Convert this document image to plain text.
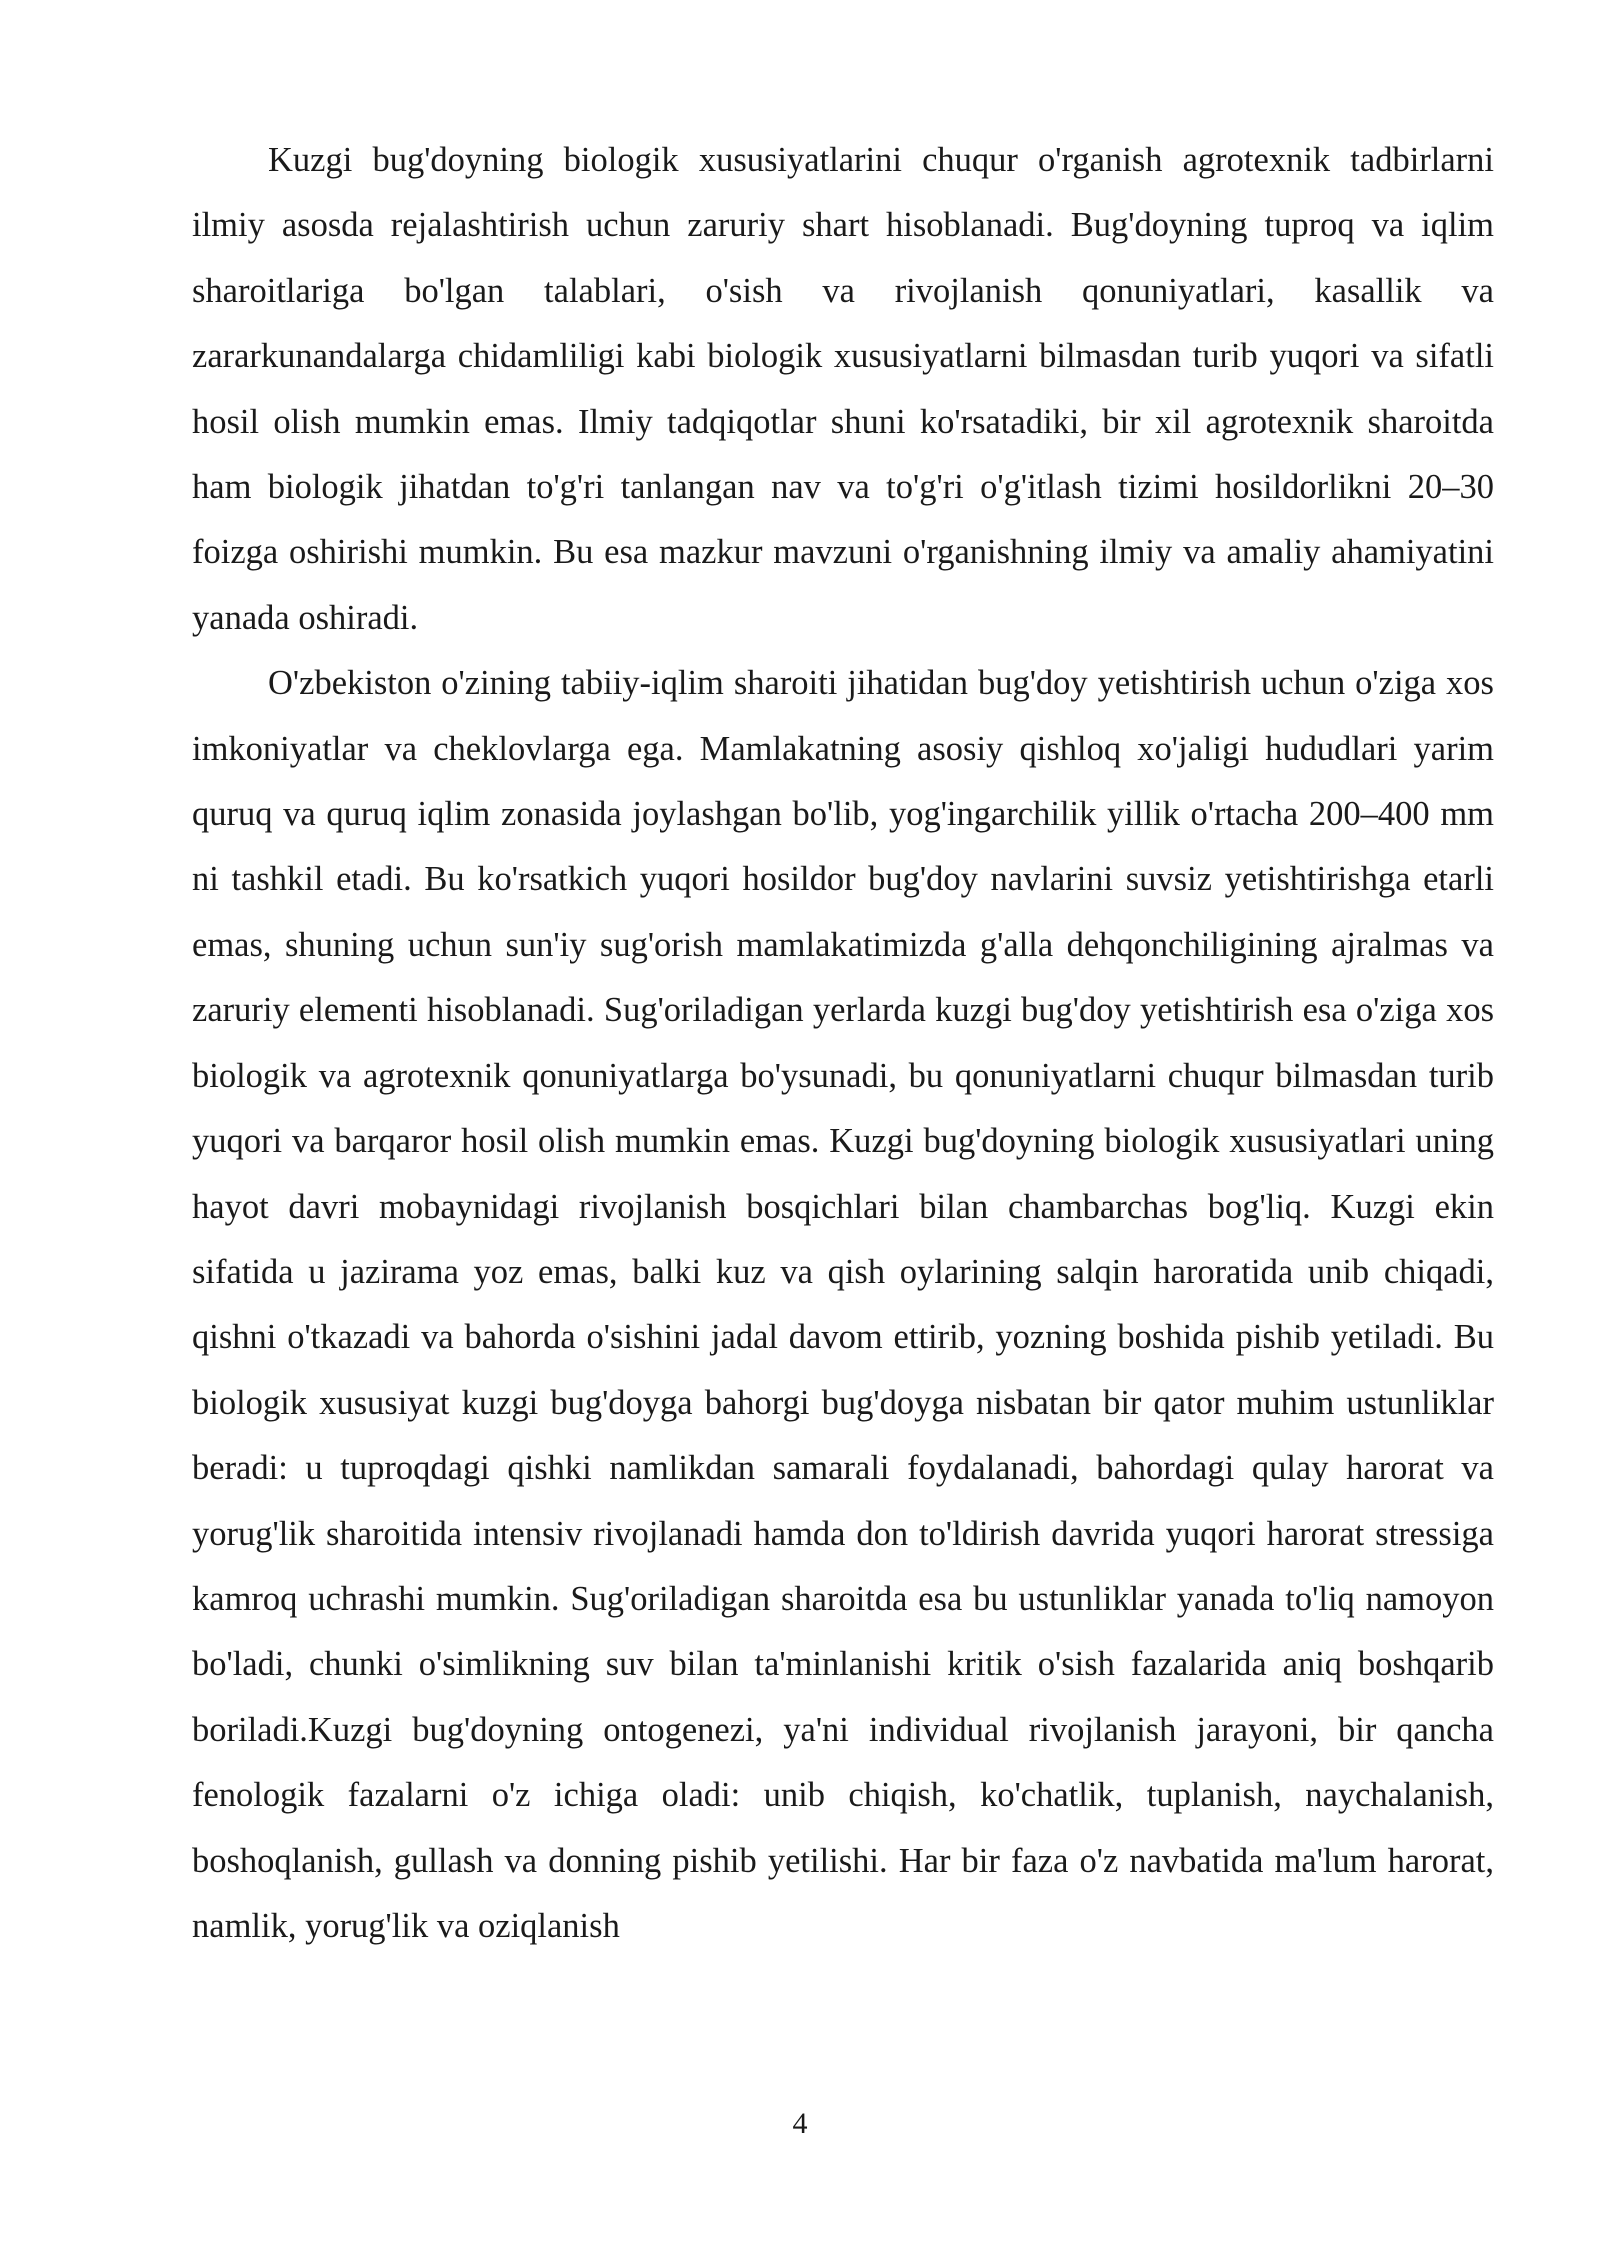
Kuzgi bug'doyning biologik xususiyatlarini chuqur o'rganish agrotexnik tadbirlarni ilmiy asosda rejalashtirish uchun zaruriy shart hisoblanadi. Bug'doyning tuproq va iqlim sharoitlariga bo'lgan talablari, o'sish va rivojlanish qonuniyatlari, kasallik va zararkunandalarga chidamliligi kabi biologik xususiyatlarni bilmasdan turib yuqori va sifatli hosil olish mumkin emas. Ilmiy tadqiqotlar shuni ko'rsatadiki, bir xil agrotexnik sharoitda ham biologik jihatdan to'g'ri tanlangan nav va to'g'ri o'g'itlash tizimi hosildorlikni 20–30 foizga oshirishi mumkin. Bu esa mazkur mavzuni o'rganishning ilmiy va amaliy ahamiyatini yanada oshiradi.

O'zbekiston o'zining tabiiy-iqlim sharoiti jihatidan bug'doy yetishtirish uchun o'ziga xos imkoniyatlar va cheklovlarga ega. Mamlakatning asosiy qishloq xo'jaligi hududlari yarim quruq va quruq iqlim zonasida joylashgan bo'lib, yog'ingarchilik yillik o'rtacha 200–400 mm ni tashkil etadi. Bu ko'rsatkich yuqori hosildor bug'doy navlarini suvsiz yetishtirishga etarli emas, shuning uchun sun'iy sug'orish mamlakatimizda g'alla dehqonchiligining ajralmas va zaruriy elementi hisoblanadi. Sug'oriladigan yerlarda kuzgi bug'doy yetishtirish esa o'ziga xos biologik va agrotexnik qonuniyatlarga bo'ysunadi, bu qonuniyatlarni chuqur bilmasdan turib yuqori va barqaror hosil olish mumkin emas. Kuzgi bug'doyning biologik xususiyatlari uning hayot davri mobaynidagi rivojlanish bosqichlari bilan chambarchas bog'liq. Kuzgi ekin sifatida u jazirama yoz emas, balki kuz va qish oylarining salqin haroratida unib chiqadi, qishni o'tkazadi va bahorda o'sishini jadal davom ettirib, yozning boshida pishib yetiladi. Bu biologik xususiyat kuzgi bug'doyga bahorgi bug'doyga nisbatan bir qator muhim ustunliklar beradi: u tuproqdagi qishki namlikdan samarali foydalanadi, bahordagi qulay harorat va yorug'lik sharoitida intensiv rivojlanadi hamda don to'ldirish davrida yuqori harorat stressiga kamroq uchrashi mumkin. Sug'oriladigan sharoitda esa bu ustunliklar yanada to'liq namoyon bo'ladi, chunki o'simlikning suv bilan ta'minlanishi kritik o'sish fazalarida aniq boshqarib boriladi.Kuzgi bug'doyning ontogenezi, ya'ni individual rivojlanish jarayoni, bir qancha fenologik fazalarni o'z ichiga oladi: unib chiqish, ko'chatlik, tuplanish, naychalanish, boshoqlanish, gullash va donning pishib yetilishi. Har bir faza o'z navbatida ma'lum harorat, namlik, yorug'lik va oziqlanish

4
